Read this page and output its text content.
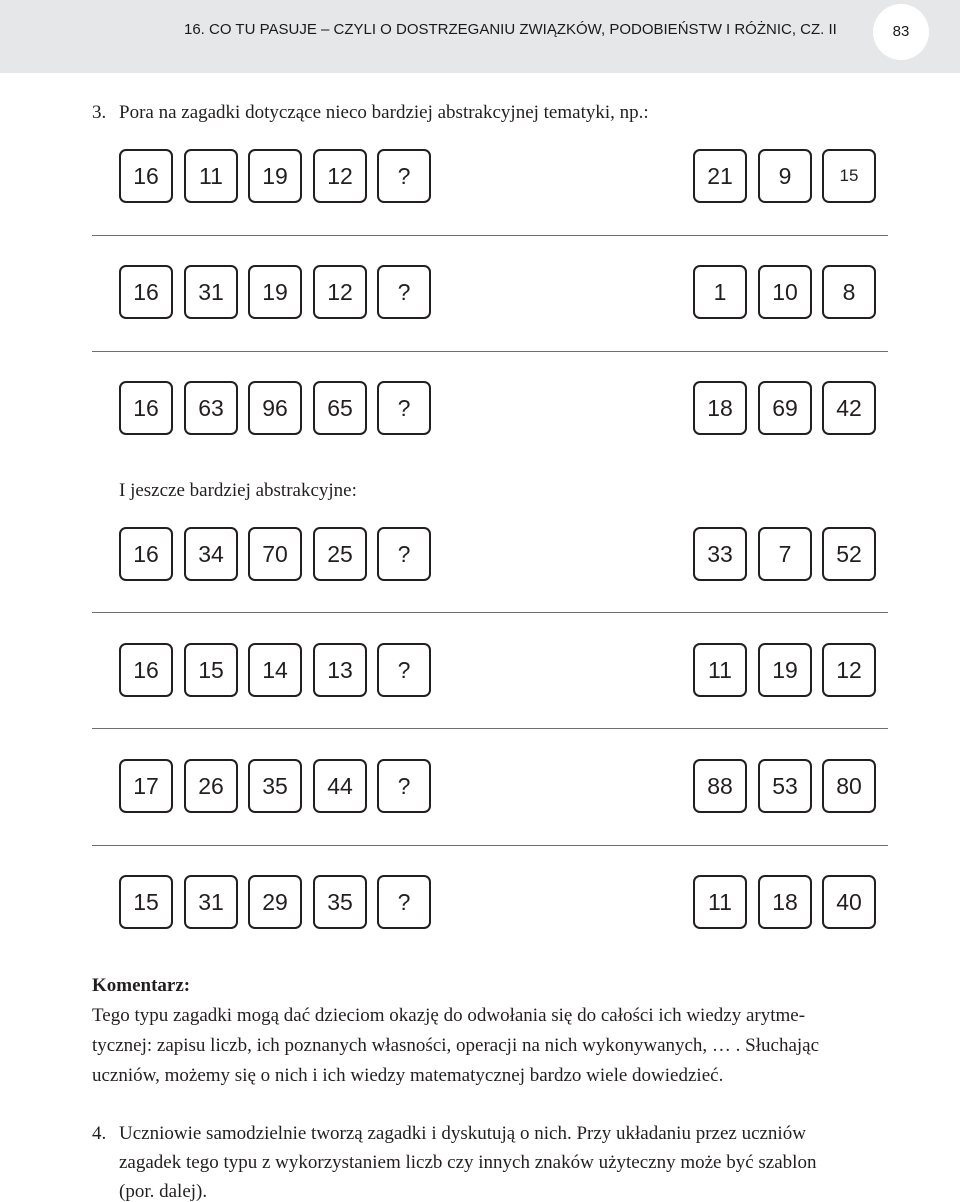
16. CO TU PASUJE – CZYLI O DOSTRZEGANIU ZWIĄZKÓW, PODOBIEŃSTW I RÓŻNIC, CZ. II	83
3. Pora na zagadki dotyczące nieco bardziej abstrakcyjnej tematyki, np.:
16	11	19	12	?	21	9	15
16	31	19	12	?	1	10	8
16	63	96	65	?	18	69	42
16	34	70	25	?	33	7	52
16	15	14	13	?	11	19	12
17	26	35	44	?	88	53	80
15	31	29	35	?	11	18	40
I jeszcze bardziej abstrakcyjne:
Komentarz:
Tego typu zagadki mogą dać dzieciom okazję do odwołania się do całości ich wiedzy arytme-
tycznej: zapisu liczb, ich poznanych własności, operacji na nich wykonywanych, … . Słuchając
uczniów, możemy się o nich i ich wiedzy matematycznej bardzo wiele dowiedzieć.
4. Uczniowie samodzielnie tworzą zagadki i dyskutują o nich. Przy układaniu przez uczniów
zagadek tego typu z wykorzystaniem liczb czy innych znaków użyteczny może być szablon
(por. dalej).
